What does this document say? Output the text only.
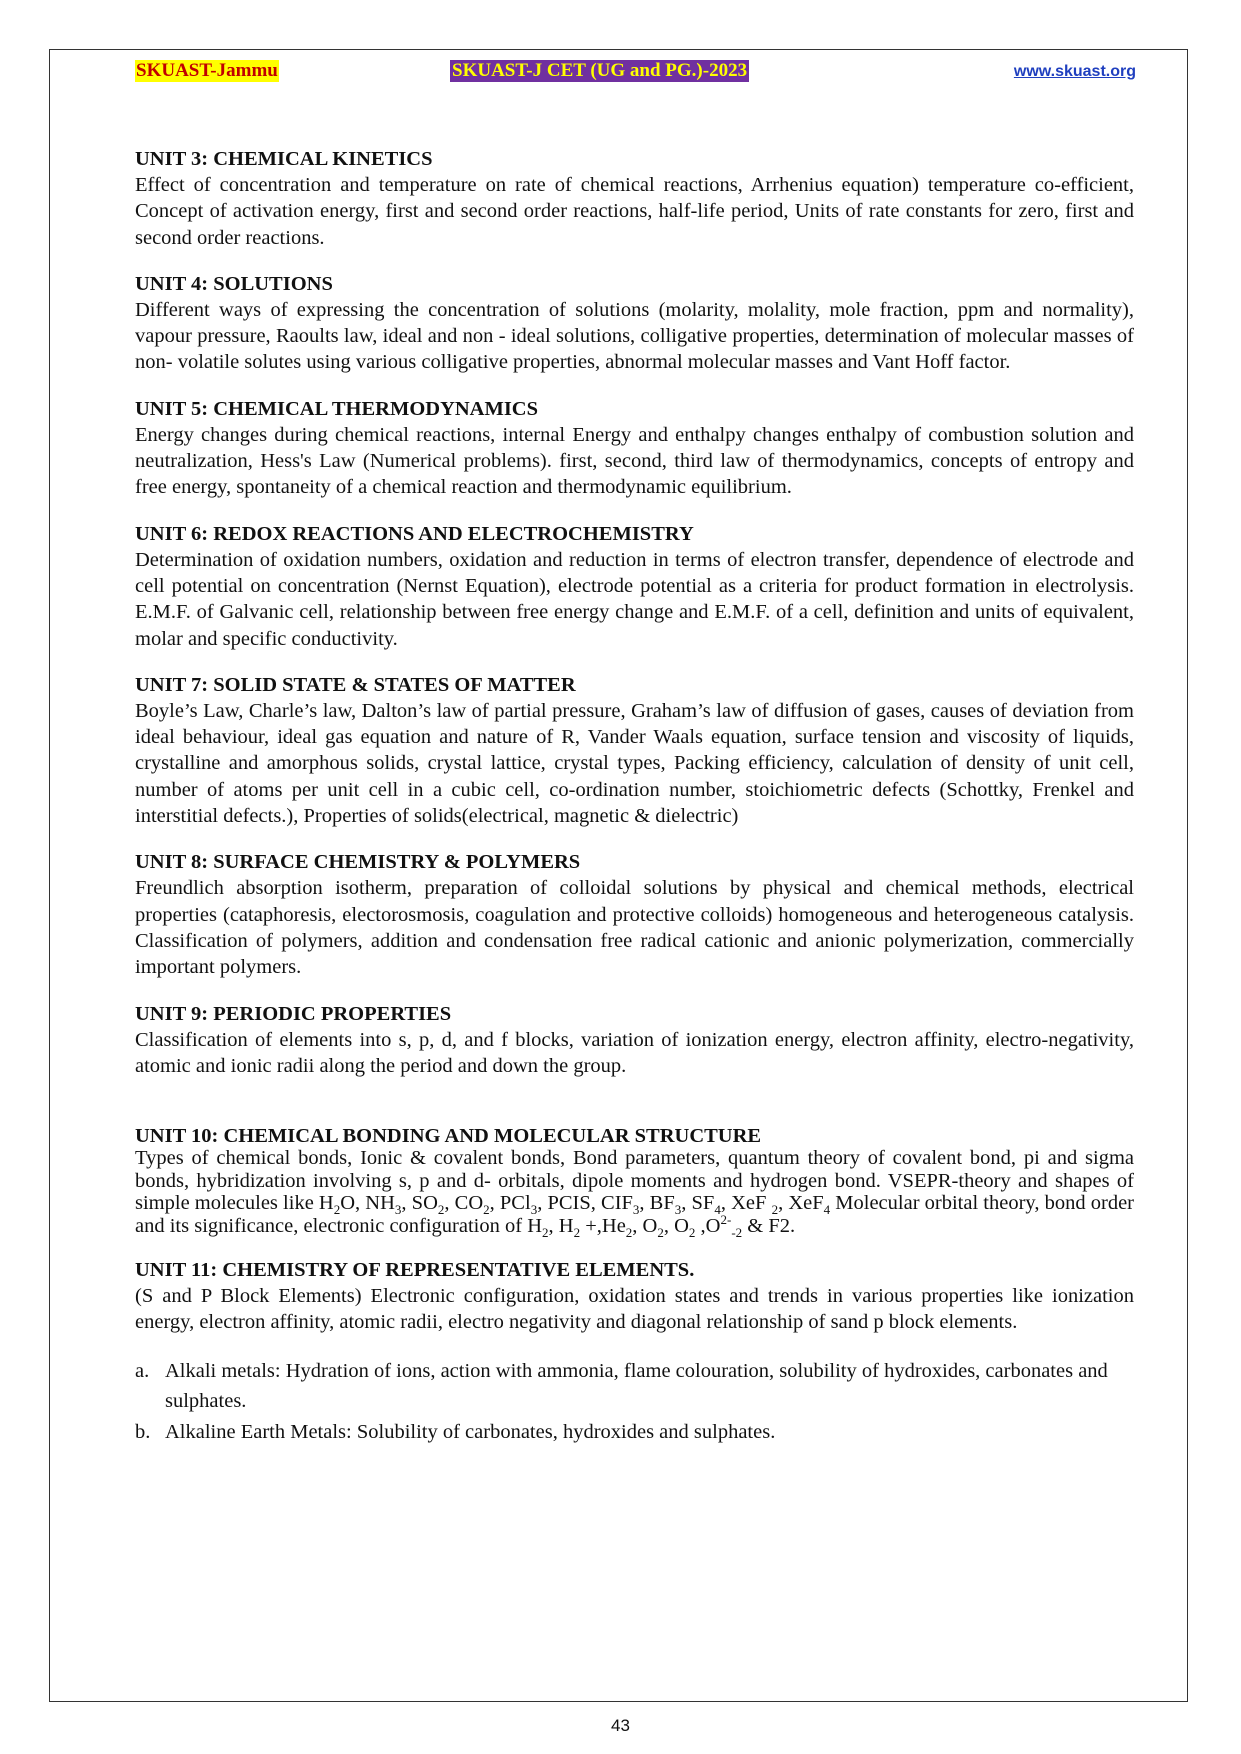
SKUAST-Jammu	SKUAST-J CET (UG and PG.)-2023	www.skuast.org

UNIT 3: CHEMICAL KINETICS

Effect of concentration and temperature on rate of chemical reactions, Arrhenius equation) temperature co-efficient, Concept of activation energy, first and second order reactions, half-life period, Units of rate constants for zero, first and second order reactions.

UNIT 4: SOLUTIONS

Different ways of expressing the concentration of solutions (molarity, molality, mole fraction, ppm and normality), vapour pressure, Raoults law, ideal and non - ideal solutions, colligative properties, determination of molecular masses of non- volatile solutes using various colligative properties, abnormal molecular masses and Vant Hoff factor.

UNIT 5: CHEMICAL THERMODYNAMICS

Energy changes during chemical reactions, internal Energy and enthalpy changes enthalpy of combustion solution and neutralization, Hess's Law (Numerical problems). first, second, third law of thermodynamics, concepts of entropy and free energy, spontaneity of a chemical reaction and thermodynamic equilibrium.

UNIT 6: REDOX REACTIONS AND ELECTROCHEMISTRY

Determination of oxidation numbers, oxidation and reduction in terms of electron transfer, dependence of electrode and cell potential on concentration (Nernst Equation), electrode potential as a criteria for product formation in electrolysis. E.M.F. of Galvanic cell, relationship between free energy change and E.M.F. of a cell, definition and units of equivalent, molar and specific conductivity.

UNIT 7: SOLID STATE & STATES OF MATTER

Boyle’s Law, Charle’s law, Dalton’s law of partial pressure, Graham’s law of diffusion of gases, causes of deviation from ideal behaviour, ideal gas equation and nature of R, Vander Waals equation, surface tension and viscosity of liquids, crystalline and amorphous solids, crystal lattice, crystal types, Packing efficiency, calculation of density of unit cell, number of atoms per unit cell in a cubic cell, co-ordination number, stoichiometric defects (Schottky, Frenkel and interstitial defects.), Properties of solids(electrical, magnetic & dielectric)

UNIT 8: SURFACE CHEMISTRY & POLYMERS

Freundlich absorption isotherm, preparation of colloidal solutions by physical and chemical methods, electrical properties (cataphoresis, electorosmosis, coagulation and protective colloids) homogeneous and heterogeneous catalysis. Classification of polymers, addition and condensation free radical cationic and anionic polymerization, commercially important polymers.

UNIT 9: PERIODIC PROPERTIES

Classification of elements into s, p, d, and f blocks, variation of ionization energy, electron affinity, electro-negativity, atomic and ionic radii along the period and down the group.

UNIT 10: CHEMICAL BONDING AND MOLECULAR STRUCTURE

Types of chemical bonds, Ionic & covalent bonds, Bond parameters, quantum theory of covalent bond, pi and sigma bonds, hybridization involving s, p and d- orbitals, dipole moments and hydrogen bond. VSEPR-theory and shapes of simple molecules like $H_2O$, $NH_3$, $SO_2$, $CO_2$, PCl$_3$, PCIS, $CIF_3$, $BF_3$, $SF_4$, XeF $_2$, XeF$_4$ Molecular orbital theory, bond order and its significance, electronic configuration of $H_2$, $H_2 +,He_2$, $O_2$, $O_2$ $,O^{2-}_{-2}$ & F2.

UNIT 11: CHEMISTRY OF REPRESENTATIVE ELEMENTS.

(S and P Block Elements) Electronic configuration, oxidation states and trends in various properties like ionization energy, electron affinity, atomic radii, electro negativity and diagonal relationship of sand p block elements.

a. Alkali metals: Hydration of ions, action with ammonia, flame colouration, solubility of hydroxides, carbonates and sulphates.
b. Alkaline Earth Metals: Solubility of carbonates, hydroxides and sulphates.
43
